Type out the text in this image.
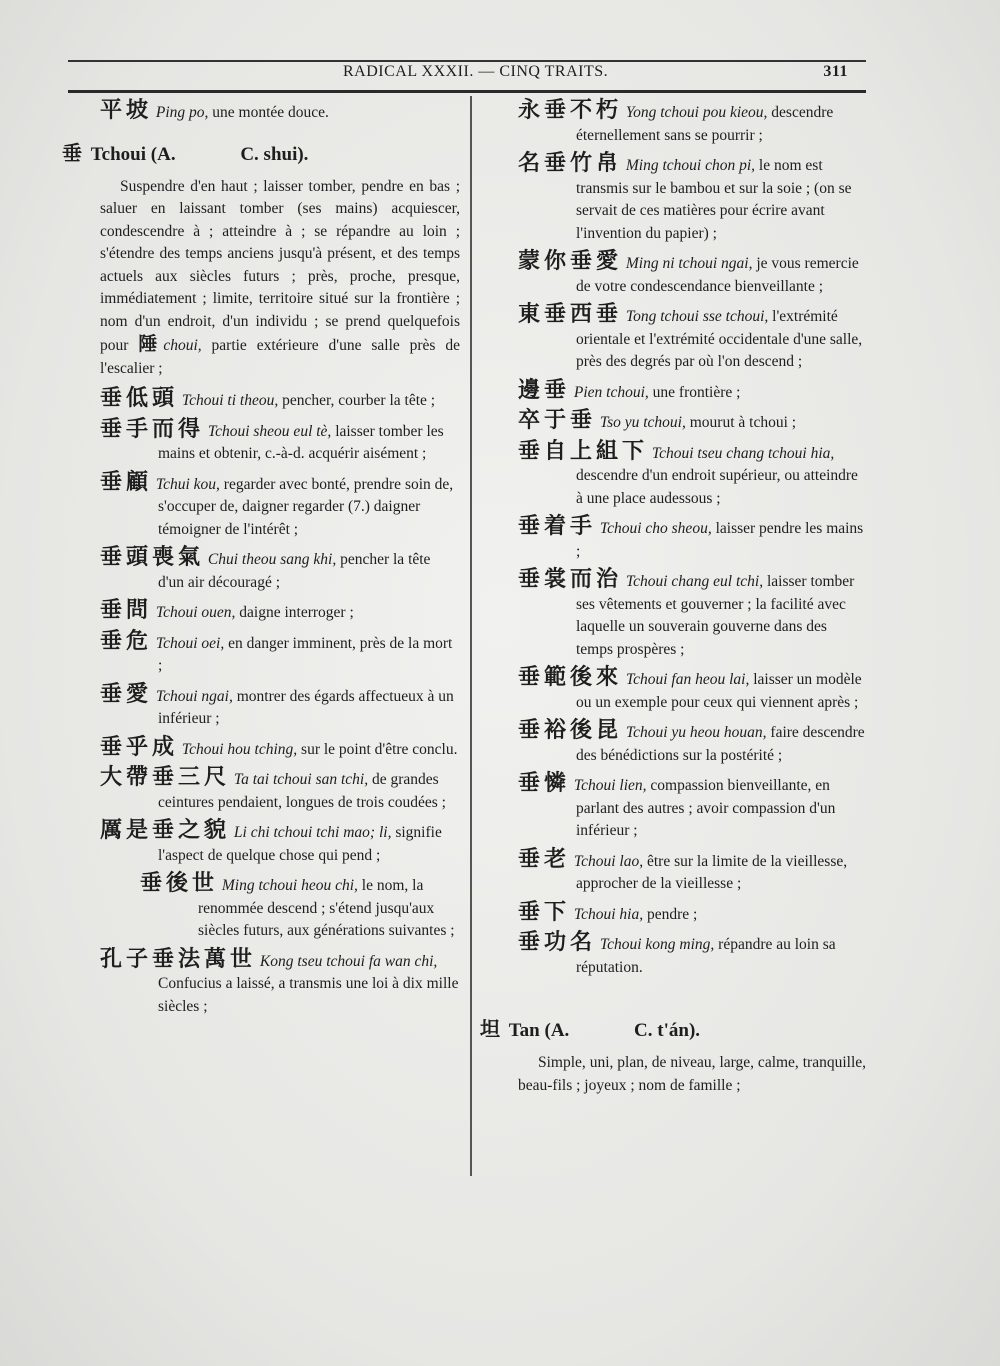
RADICAL XXXII. — CINQ TRAITS.	311
平坡 Ping po, une montée douce.
垂 Tchoui (A.	C. shui).
Suspendre d'en haut ; laisser tomber, pendre en bas ; saluer en laissant tomber (ses mains) acquiescer, condescendre à ; atteindre à ; se répandre au loin ; s'étendre des temps anciens jusqu'à présent, et des temps actuels aux siècles futurs ; près, proche, presque, immédiatement ; limite, territoire situé sur la frontière ; nom d'un endroit, d'un individu ; se prend quelquefois pour 陲choui, partie extérieure d'une salle près de l'escalier ;
垂低頭 Tchoui ti theou, pencher, courber la tête ;
垂手而得 Tchoui sheou eul tè, laisser tomber les mains et obtenir, c.-à-d. acquérir aisément ;
垂顧 Tchui kou, regarder avec bonté, prendre soin de, s'occuper de, daigner regarder (7.) daigner témoigner de l'intérêt ;
垂頭喪氣 Chui theou sang khi, pencher la tête d'un air découragé ;
垂問 Tchoui ouen, daigne interroger ;
垂危 Tchoui oei, en danger imminent, près de la mort ;
垂愛 Tchoui ngai, montrer des égards affectueux à un inférieur ;
垂乎成 Tchoui hou tching, sur le point d'être conclu.
大帶垂三尺 Ta tai tchoui san tchi, de grandes ceintures pendaient, longues de trois coudées ;
厲是垂之貌 Li chi tchoui tchi mao; li, signifie l'aspect de quelque chose qui pend ;
垂後世 Ming tchoui heou chi, le nom, la renommée descend ; s'étend jusqu'aux siècles futurs, aux générations suivantes ;
孔子垂法萬世 Kong tseu tchoui fa wan chi, Confucius a laissé, a transmis une loi à dix mille siècles ;
永垂不朽 Yong tchoui pou kieou, descendre éternellement sans se pourrir ;
名垂竹帛 Ming tchoui chon pi, le nom est transmis sur le bambou et sur la soie ; (on se servait de ces matières pour écrire avant l'invention du papier) ;
蒙你垂愛 Ming ni tchoui ngai, je vous remercie de votre condescendance bienveillante ;
東垂西垂 Tong tchoui sse tchoui, l'extrémité orientale et l'extrémité occidentale d'une salle, près des degrés par où l'on descend ;
邊垂 Pien tchoui, une frontière ;
卒于垂 Tso yu tchoui, mourut à tchoui ;
垂自上組下 Tchoui tseu chang tchoui hia, descendre d'un endroit supérieur, ou atteindre à une place audessous ;
垂着手 Tchoui cho sheou, laisser pendre les mains ;
垂裳而治 Tchoui chang eul tchi, laisser tomber ses vêtements et gouverner ; la facilité avec laquelle un souverain gouverne dans des temps prospères ;
垂範後來 Tchoui fan heou lai, laisser un modèle ou un exemple pour ceux qui viennent après ;
垂裕後昆 Tchoui yu heou houan, faire descendre des bénédictions sur la postérité ;
垂憐 Tchoui lien, compassion bienveillante, en parlant des autres ; avoir compassion d'un inférieur ;
垂老 Tchoui lao, être sur la limite de la vieillesse, approcher de la vieillesse ;
垂下 Tchoui hia, pendre ;
垂功名 Tchoui kong ming, répandre au loin sa réputation.
坦 Tan (A.	C. t'án).
Simple, uni, plan, de niveau, large, calme, tranquille, beau-fils ; joyeux ; nom de famille ;
